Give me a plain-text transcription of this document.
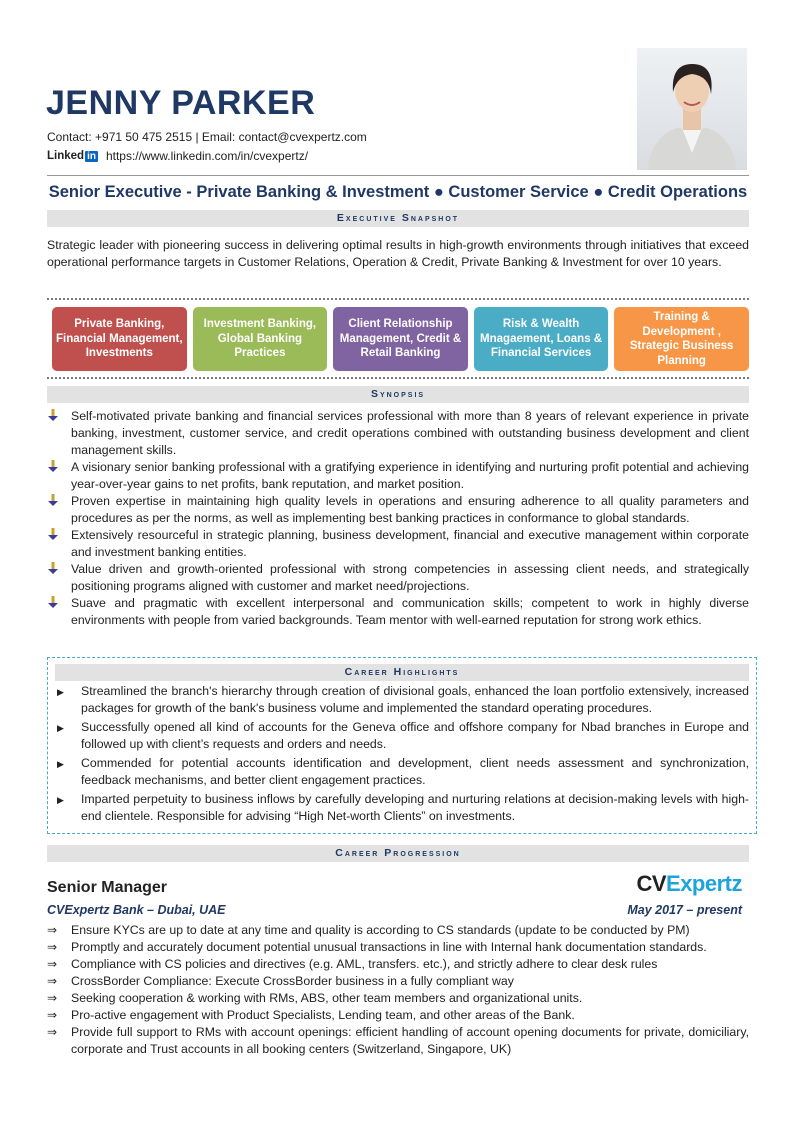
JENNY PARKER
Contact: +971 50 475 2515 | Email: contact@cvexpertz.com
Linked in https://www.linkedin.com/in/cvexpertz/
Senior Executive - Private Banking & Investment ● Customer Service ● Credit Operations
Executive Snapshot
Strategic leader with pioneering success in delivering optimal results in high-growth environments through initiatives that exceed operational performance targets in Customer Relations, Operation & Credit, Private Banking & Investment for over 10 years.
Private Banking, Financial Management, Investments
Investment Banking, Global Banking Practices
Client Relationship Management, Credit & Retail Banking
Risk & Wealth Mnagaement, Loans & Financial Services
Training & Development , Strategic Business Planning
Synopsis
Self-motivated private banking and financial services professional with more than 8 years of relevant experience in private banking, investment, customer service, and credit operations combined with outstanding business development and client management skills.
A visionary senior banking professional with a gratifying experience in identifying and nurturing profit potential and achieving year-over-year gains to net profits, bank reputation, and market position.
Proven expertise in maintaining high quality levels in operations and ensuring adherence to all quality parameters and procedures as per the norms, as well as implementing best banking practices in conformance to global standards.
Extensively resourceful in strategic planning, business development, financial and executive management within corporate and investment banking entities.
Value driven and growth-oriented professional with strong competencies in assessing client needs, and strategically positioning programs aligned with customer and market need/projections.
Suave and pragmatic with excellent interpersonal and communication skills; competent to work in highly diverse environments with people from varied backgrounds. Team mentor with well-earned reputation for strong work ethics.
Career Highlights
▶ Streamlined the branch's hierarchy through creation of divisional goals, enhanced the loan portfolio extensively, increased packages for growth of the bank's business volume and implemented the standard operating procedures.
▶ Successfully opened all kind of accounts for the Geneva office and offshore company for Nbad branches in Europe and followed up with client’s requests and orders and needs.
▶ Commended for potential accounts identification and development, client needs assessment and synchronization, feedback mechanisms, and better client engagement practices.
▶ Imparted perpetuity to business inflows by carefully developing and nurturing relations at decision-making levels with high-end clientele. Responsible for advising “High Net-worth Clients” on investments.
Career Progression
CVExpertz
Senior Manager
CVExpertz Bank – Dubai, UAE	May 2017 – present
⇒ Ensure KYCs are up to date at any time and quality is according to CS standards (update to be conducted by PM)
⇒ Promptly and accurately document potential unusual transactions in line with Internal hank documentation standards.
⇒ Compliance with CS policies and directives (e.g. AML, transfers. etc.), and strictly adhere to clear desk rules
⇒ CrossBorder Compliance: Execute CrossBorder business in a fully compliant way
⇒ Seeking cooperation & working with RMs, ABS, other team members and organizational units.
⇒ Pro-active engagement with Product Specialists, Lending team, and other areas of the Bank.
⇒ Provide full support to RMs with account openings: efficient handling of account opening documents for private, domiciliary, corporate and Trust accounts in all booking centers (Switzerland, Singapore, UK)
